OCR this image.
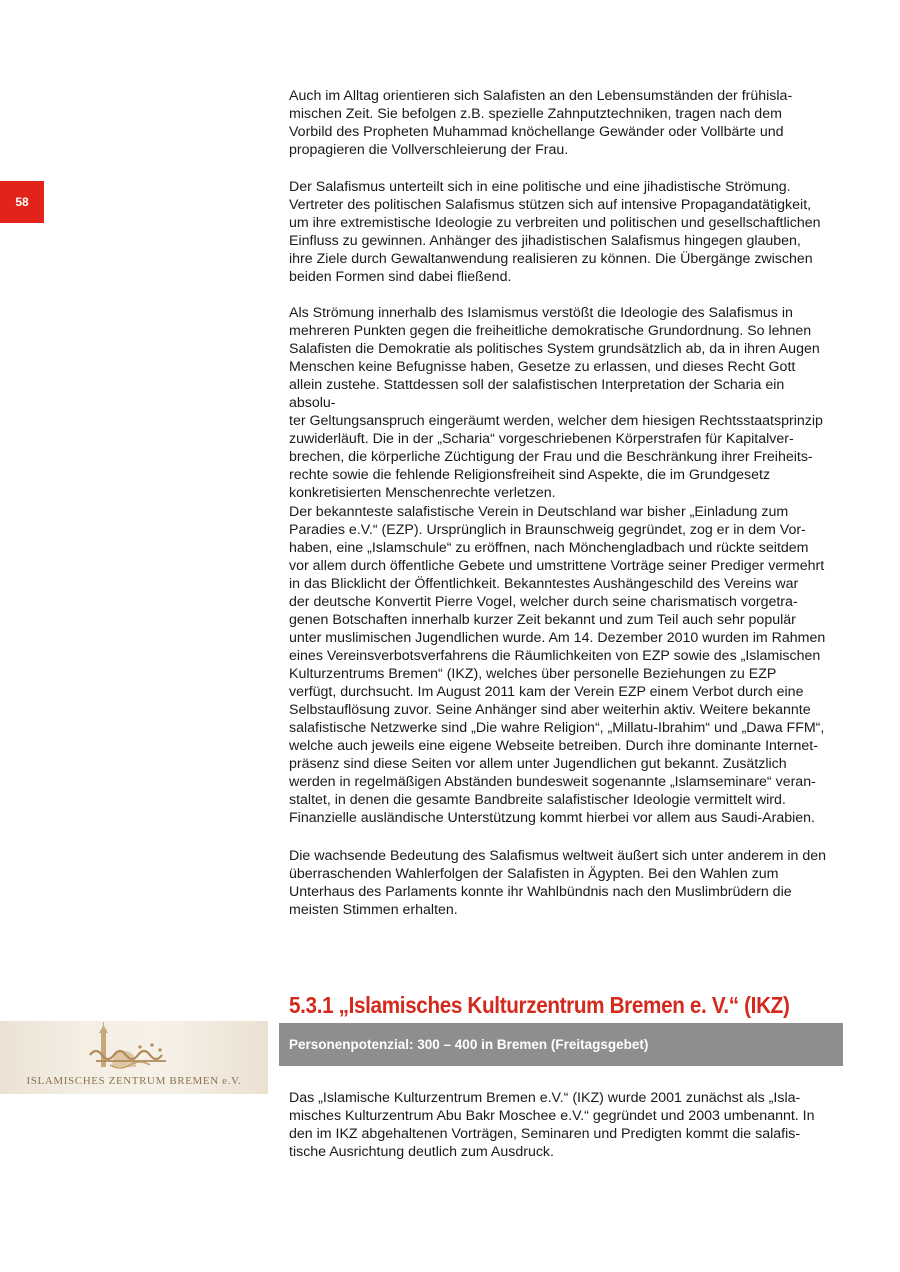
58

Auch im Alltag orientieren sich Salafisten an den Lebensumständen der frühisla-
mischen Zeit. Sie befolgen z.B. spezielle Zahnputztechniken, tragen nach dem
Vorbild des Propheten Muhammad knöchellange Gewänder oder Vollbärte und
propagieren die Vollverschleierung der Frau.

Der Salafismus unterteilt sich in eine politische und eine jihadistische Strömung.
Vertreter des politischen Salafismus stützen sich auf intensive Propagandatätigkeit,
um ihre extremistische Ideologie zu verbreiten und politischen und gesellschaftlichen
Einfluss zu gewinnen. Anhänger des jihadistischen Salafismus hingegen glauben,
ihre Ziele durch Gewaltanwendung realisieren zu können. Die Übergänge zwischen
beiden Formen sind dabei fließend.

Als Strömung innerhalb des Islamismus verstößt die Ideologie des Salafismus in
mehreren Punkten gegen die freiheitliche demokratische Grundordnung. So lehnen
Salafisten die Demokratie als politisches System grundsätzlich ab, da in ihren Augen
Menschen keine Befugnisse haben, Gesetze zu erlassen, und dieses Recht Gott
allein zustehe. Stattdessen soll der salafistischen Interpretation der Scharia ein absolu-
ter Geltungsanspruch eingeräumt werden, welcher dem hiesigen Rechtsstaatsprinzip
zuwiderläuft. Die in der „Scharia“ vorgeschriebenen Körperstrafen für Kapitalver-
brechen, die körperliche Züchtigung der Frau und die Beschränkung ihrer Freiheits-
rechte sowie die fehlende Religionsfreiheit sind Aspekte, die im Grundgesetz
konkretisierten Menschenrechte verletzen.

Der bekannteste salafistische Verein in Deutschland war bisher „Einladung zum
Paradies e.V.“ (EZP). Ursprünglich in Braunschweig gegründet, zog er in dem Vor-
haben, eine „Islamschule“ zu eröffnen, nach Mönchengladbach und rückte seitdem
vor allem durch öffentliche Gebete und umstrittene Vorträge seiner Prediger vermehrt
in das Blicklicht der Öffentlichkeit. Bekanntestes Aushängeschild des Vereins war
der deutsche Konvertit Pierre Vogel, welcher durch seine charismatisch vorgetra-
genen Botschaften innerhalb kurzer Zeit bekannt und zum Teil auch sehr populär
unter muslimischen Jugendlichen wurde. Am 14. Dezember 2010 wurden im Rahmen
eines Vereinsverbotsverfahrens die Räumlichkeiten von EZP sowie des „Islamischen
Kulturzentrums Bremen“ (IKZ), welches über personelle Beziehungen zu EZP
verfügt, durchsucht. Im August 2011 kam der Verein EZP einem Verbot durch eine
Selbstauflösung zuvor. Seine Anhänger sind aber weiterhin aktiv. Weitere bekannte
salafistische Netzwerke sind „Die wahre Religion“, „Millatu-Ibrahim“ und „Dawa FFM“,
welche auch jeweils eine eigene Webseite betreiben. Durch ihre dominante Internet-
präsenz sind diese Seiten vor allem unter Jugendlichen gut bekannt. Zusätzlich
werden in regelmäßigen Abständen bundesweit sogenannte „Islamseminare“ veran-
staltet, in denen die gesamte Bandbreite salafistischer Ideologie vermittelt wird.
Finanzielle ausländische Unterstützung kommt hierbei vor allem aus Saudi-Arabien.

Die wachsende Bedeutung des Salafismus weltweit äußert sich unter anderem in den
überraschenden Wahlerfolgen der Salafisten in Ägypten. Bei den Wahlen zum
Unterhaus des Parlaments konnte ihr Wahlbündnis nach den Muslimbrüdern die
meisten Stimmen erhalten.

5.3.1 „Islamisches Kulturzentrum Bremen e. V.“ (IKZ)
ISLAMISCHES ZENTRUM BREMEN e.V.
Personenpotenzial: 300 – 400 in Bremen (Freitagsgebet)

Das „Islamische Kulturzentrum Bremen e.V.“ (IKZ) wurde 2001 zunächst als „Isla-
misches Kulturzentrum Abu Bakr Moschee e.V.“ gegründet und 2003 umbenannt. In
den im IKZ abgehaltenen Vorträgen, Seminaren und Predigten kommt die salafis-
tische Ausrichtung deutlich zum Ausdruck.
